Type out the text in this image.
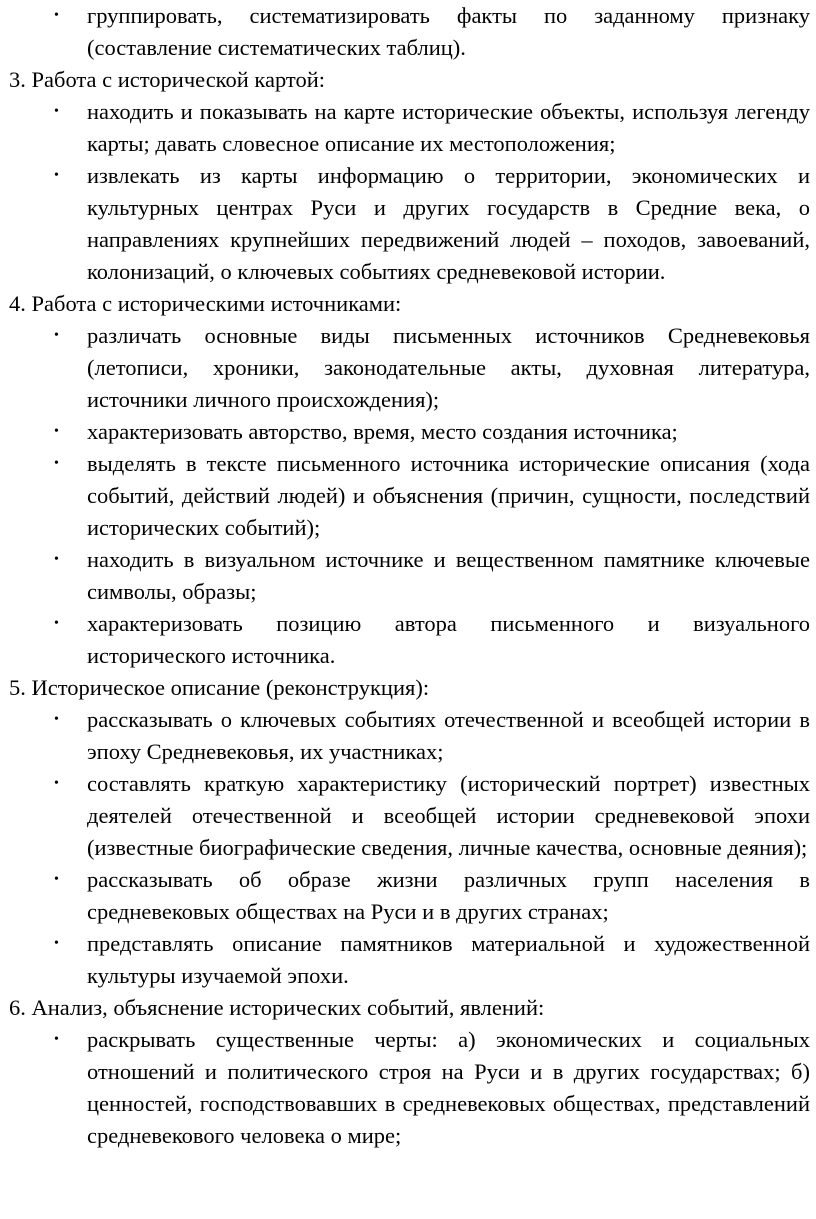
• группировать, систематизировать факты по заданному признаку (составление систематических таблиц).
3. Работа с исторической картой:
• находить и показывать на карте исторические объекты, используя легенду карты; давать словесное описание их местоположения;
• извлекать из карты информацию о территории, экономических и культурных центрах Руси и других государств в Средние века, о направлениях крупнейших передвижений людей – походов, завоеваний, колонизаций, о ключевых событиях средневековой истории.
4. Работа с историческими источниками:
• различать основные виды письменных источников Средневековья (летописи, хроники, законодательные акты, духовная литература, источники личного происхождения);
• характеризовать авторство, время, место создания источника;
• выделять в тексте письменного источника исторические описания (хода событий, действий людей) и объяснения (причин, сущности, последствий исторических событий);
• находить в визуальном источнике и вещественном памятнике ключевые символы, образы;
• характеризовать позицию автора письменного и визуального исторического источника.
5. Историческое описание (реконструкция):
• рассказывать о ключевых событиях отечественной и всеобщей истории в эпоху Средневековья, их участниках;
• составлять краткую характеристику (исторический портрет) известных деятелей отечественной и всеобщей истории средневековой эпохи (известные биографические сведения, личные качества, основные деяния);
• рассказывать об образе жизни различных групп населения в средневековых обществах на Руси и в других странах;
• представлять описание памятников материальной и художественной культуры изучаемой эпохи.
6. Анализ, объяснение исторических событий, явлений:
• раскрывать существенные черты: а) экономических и социальных отношений и политического строя на Руси и в других государствах; б) ценностей, господствовавших в средневековых обществах, представлений средневекового человека о мире;
